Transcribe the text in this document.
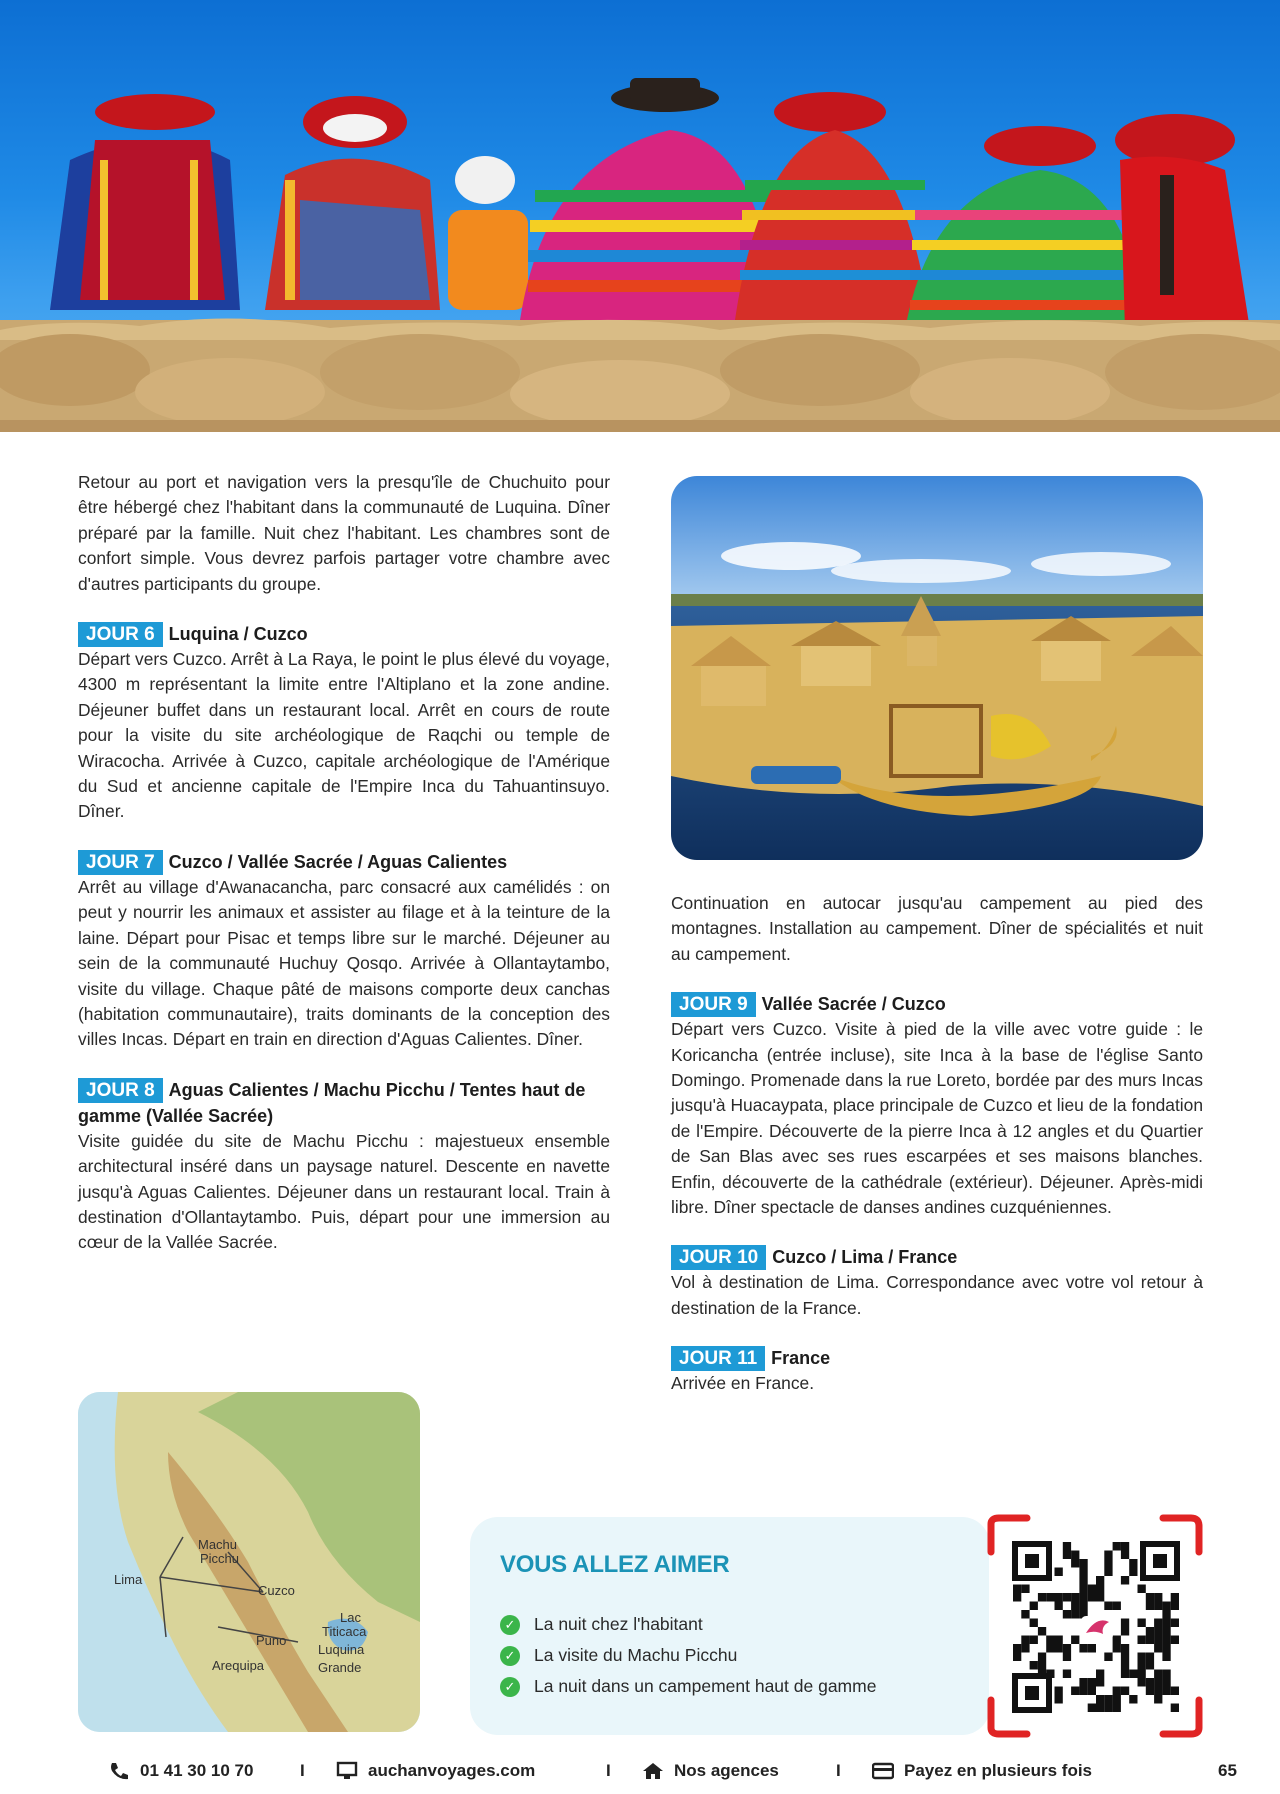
Retour au port et navigation vers la presqu'île de Chuchuito pour être hébergé chez l'habitant dans la communauté de Luquina. Dîner préparé par la famille. Nuit chez l'habitant. Les chambres sont de confort simple. Vous devrez parfois partager votre chambre avec d'autres participants du groupe.

JOUR 6 Luquina / Cuzco

Départ vers Cuzco. Arrêt à La Raya, le point le plus élevé du voyage, 4300 m représentant la limite entre l'Altiplano et la zone andine. Déjeuner buffet dans un restaurant local. Arrêt en cours de route pour la visite du site archéologique de Raqchi ou temple de Wiracocha. Arrivée à Cuzco, capitale archéologique de l'Amérique du Sud et ancienne capitale de l'Empire Inca du Tahuantinsuyo. Dîner.

JOUR 7 Cuzco / Vallée Sacrée / Aguas Calientes

Arrêt au village d'Awanacancha, parc consacré aux camélidés : on peut y nourrir les animaux et assister au filage et à la teinture de la laine. Départ pour Pisac et temps libre sur le marché. Déjeuner au sein de la communauté Huchuy Qosqo. Arrivée à Ollantaytambo, visite du village. Chaque pâté de maisons comporte deux canchas (habitation communautaire), traits dominants de la conception des villes Incas. Départ en train en direction d'Aguas Calientes. Dîner.

JOUR 8 Aguas Calientes / Machu Picchu / Tentes haut de gamme (Vallée Sacrée)

Visite guidée du site de Machu Picchu : majestueux ensemble architectural inséré dans un paysage naturel. Descente en navette jusqu'à Aguas Calientes. Déjeuner dans un restaurant local. Train à destination d'Ollantaytambo. Puis, départ pour une immersion au cœur de la Vallée Sacrée.

Continuation en autocar jusqu'au campement au pied des montagnes. Installation au campement. Dîner de spécialités et nuit au campement.

JOUR 9 Vallée Sacrée / Cuzco

Départ vers Cuzco. Visite à pied de la ville avec votre guide : le Koricancha (entrée incluse), site Inca à la base de l'église Santo Domingo. Promenade dans la rue Loreto, bordée par des murs Incas jusqu'à Huacaypata, place principale de Cuzco et lieu de la fondation de l'Empire. Découverte de la pierre Inca à 12 angles et du Quartier de San Blas avec ses rues escarpées et ses maisons blanches. Enfin, découverte de la cathédrale (extérieur). Déjeuner. Après-midi libre. Dîner spectacle de danses andines cuzquéniennes.

JOUR 10 Cuzco / Lima / France

Vol à destination de Lima. Correspondance avec votre vol retour à destination de la France.

JOUR 11 France

Arrivée en France.

Machu
Picchu
Lima
Cuzco
Lac
Titicaca
Puno
Luquina
Grande
Arequipa
VOUS ALLEZ AIMER
✓ La nuit chez l'habitant
✓ La visite du Machu Picchu
✓ La nuit dans un campement haut de gamme
01 41 30 10 70	I	auchanvoyages.com	I	Nos agences	I	Payez en plusieurs fois	65
